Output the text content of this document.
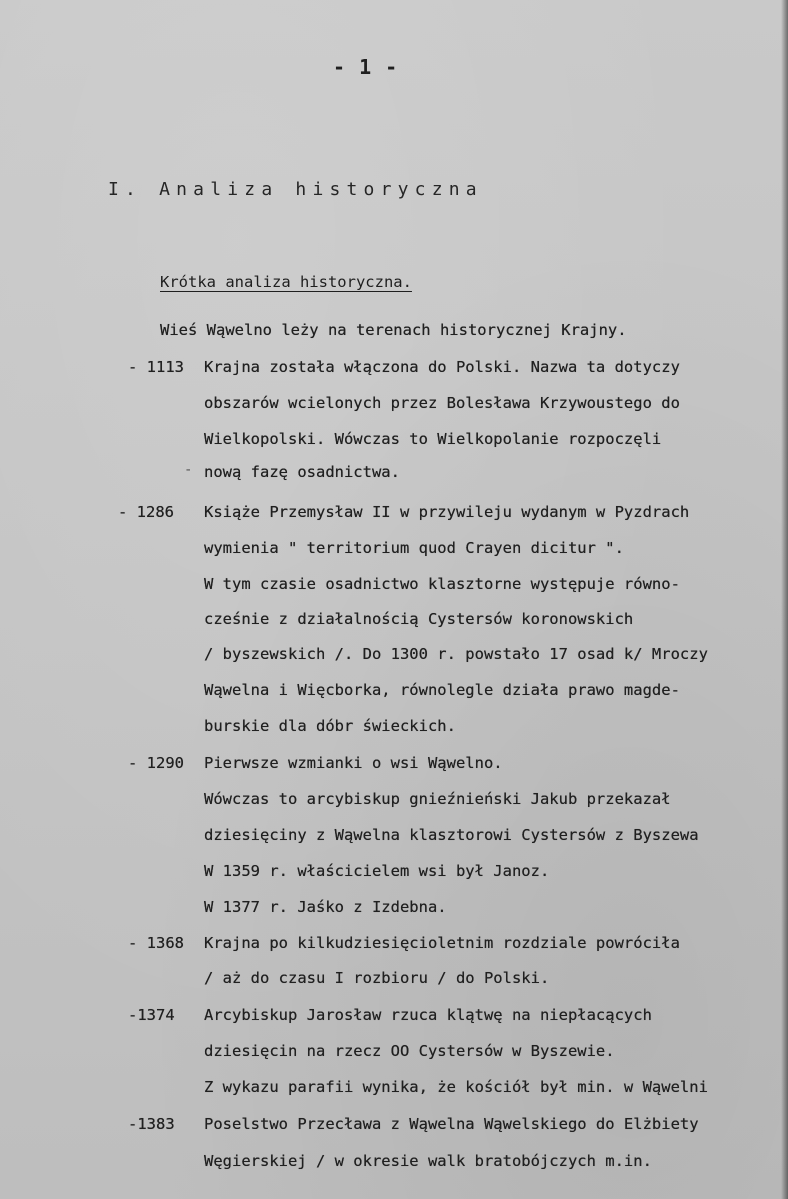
- 1 -
I. Analiza historyczna
Krótka analiza historyczna.
Wieś Wąwelno leży na terenach historycznej Krajny.
- 1113 Krajna została włączona do Polski. Nazwa ta dotyczy
obszarów wcielonych przez Bolesława Krzywoustego do
Wielkopolski. Wówczas to Wielkopolanie rozpoczęli
- nową fazę osadnictwa.
- 1286 Książe Przemysław II w przywileju wydanym w Pyzdrach
wymienia " territorium quod Crayen dicitur ".
W tym czasie osadnictwo klasztorne występuje równo-
cześnie z działalnością Cystersów koronowskich
/ byszewskich /. Do 1300 r. powstało 17 osad k/ Mroczy
Wąwelna i Więcborka, równolegle działa prawo magde-
burskie dla dóbr świeckich.
- 1290 Pierwsze wzmianki o wsi Wąwelno.
Wówczas to arcybiskup gnieźnieński Jakub przekazał
dziesięciny z Wąwelna klasztorowi Cystersów z Byszewa
W 1359 r. właścicielem wsi był Janoz.
W 1377 r. Jaśko z Izdebna.
- 1368 Krajna po kilkudziesięcioletnim rozdziale powróciła
/ aż do czasu I rozbioru / do Polski.
-1374 Arcybiskup Jarosław rzuca klątwę na niepłacących
dziesięcin na rzecz OO Cystersów w Byszewie.
Z wykazu parafii wynika, że kościół był min. w Wąwelni
-1383 Poselstwo Przecława z Wąwelna Wąwelskiego do Elżbiety
Węgierskiej / w okresie walk bratobójczych m.in.
